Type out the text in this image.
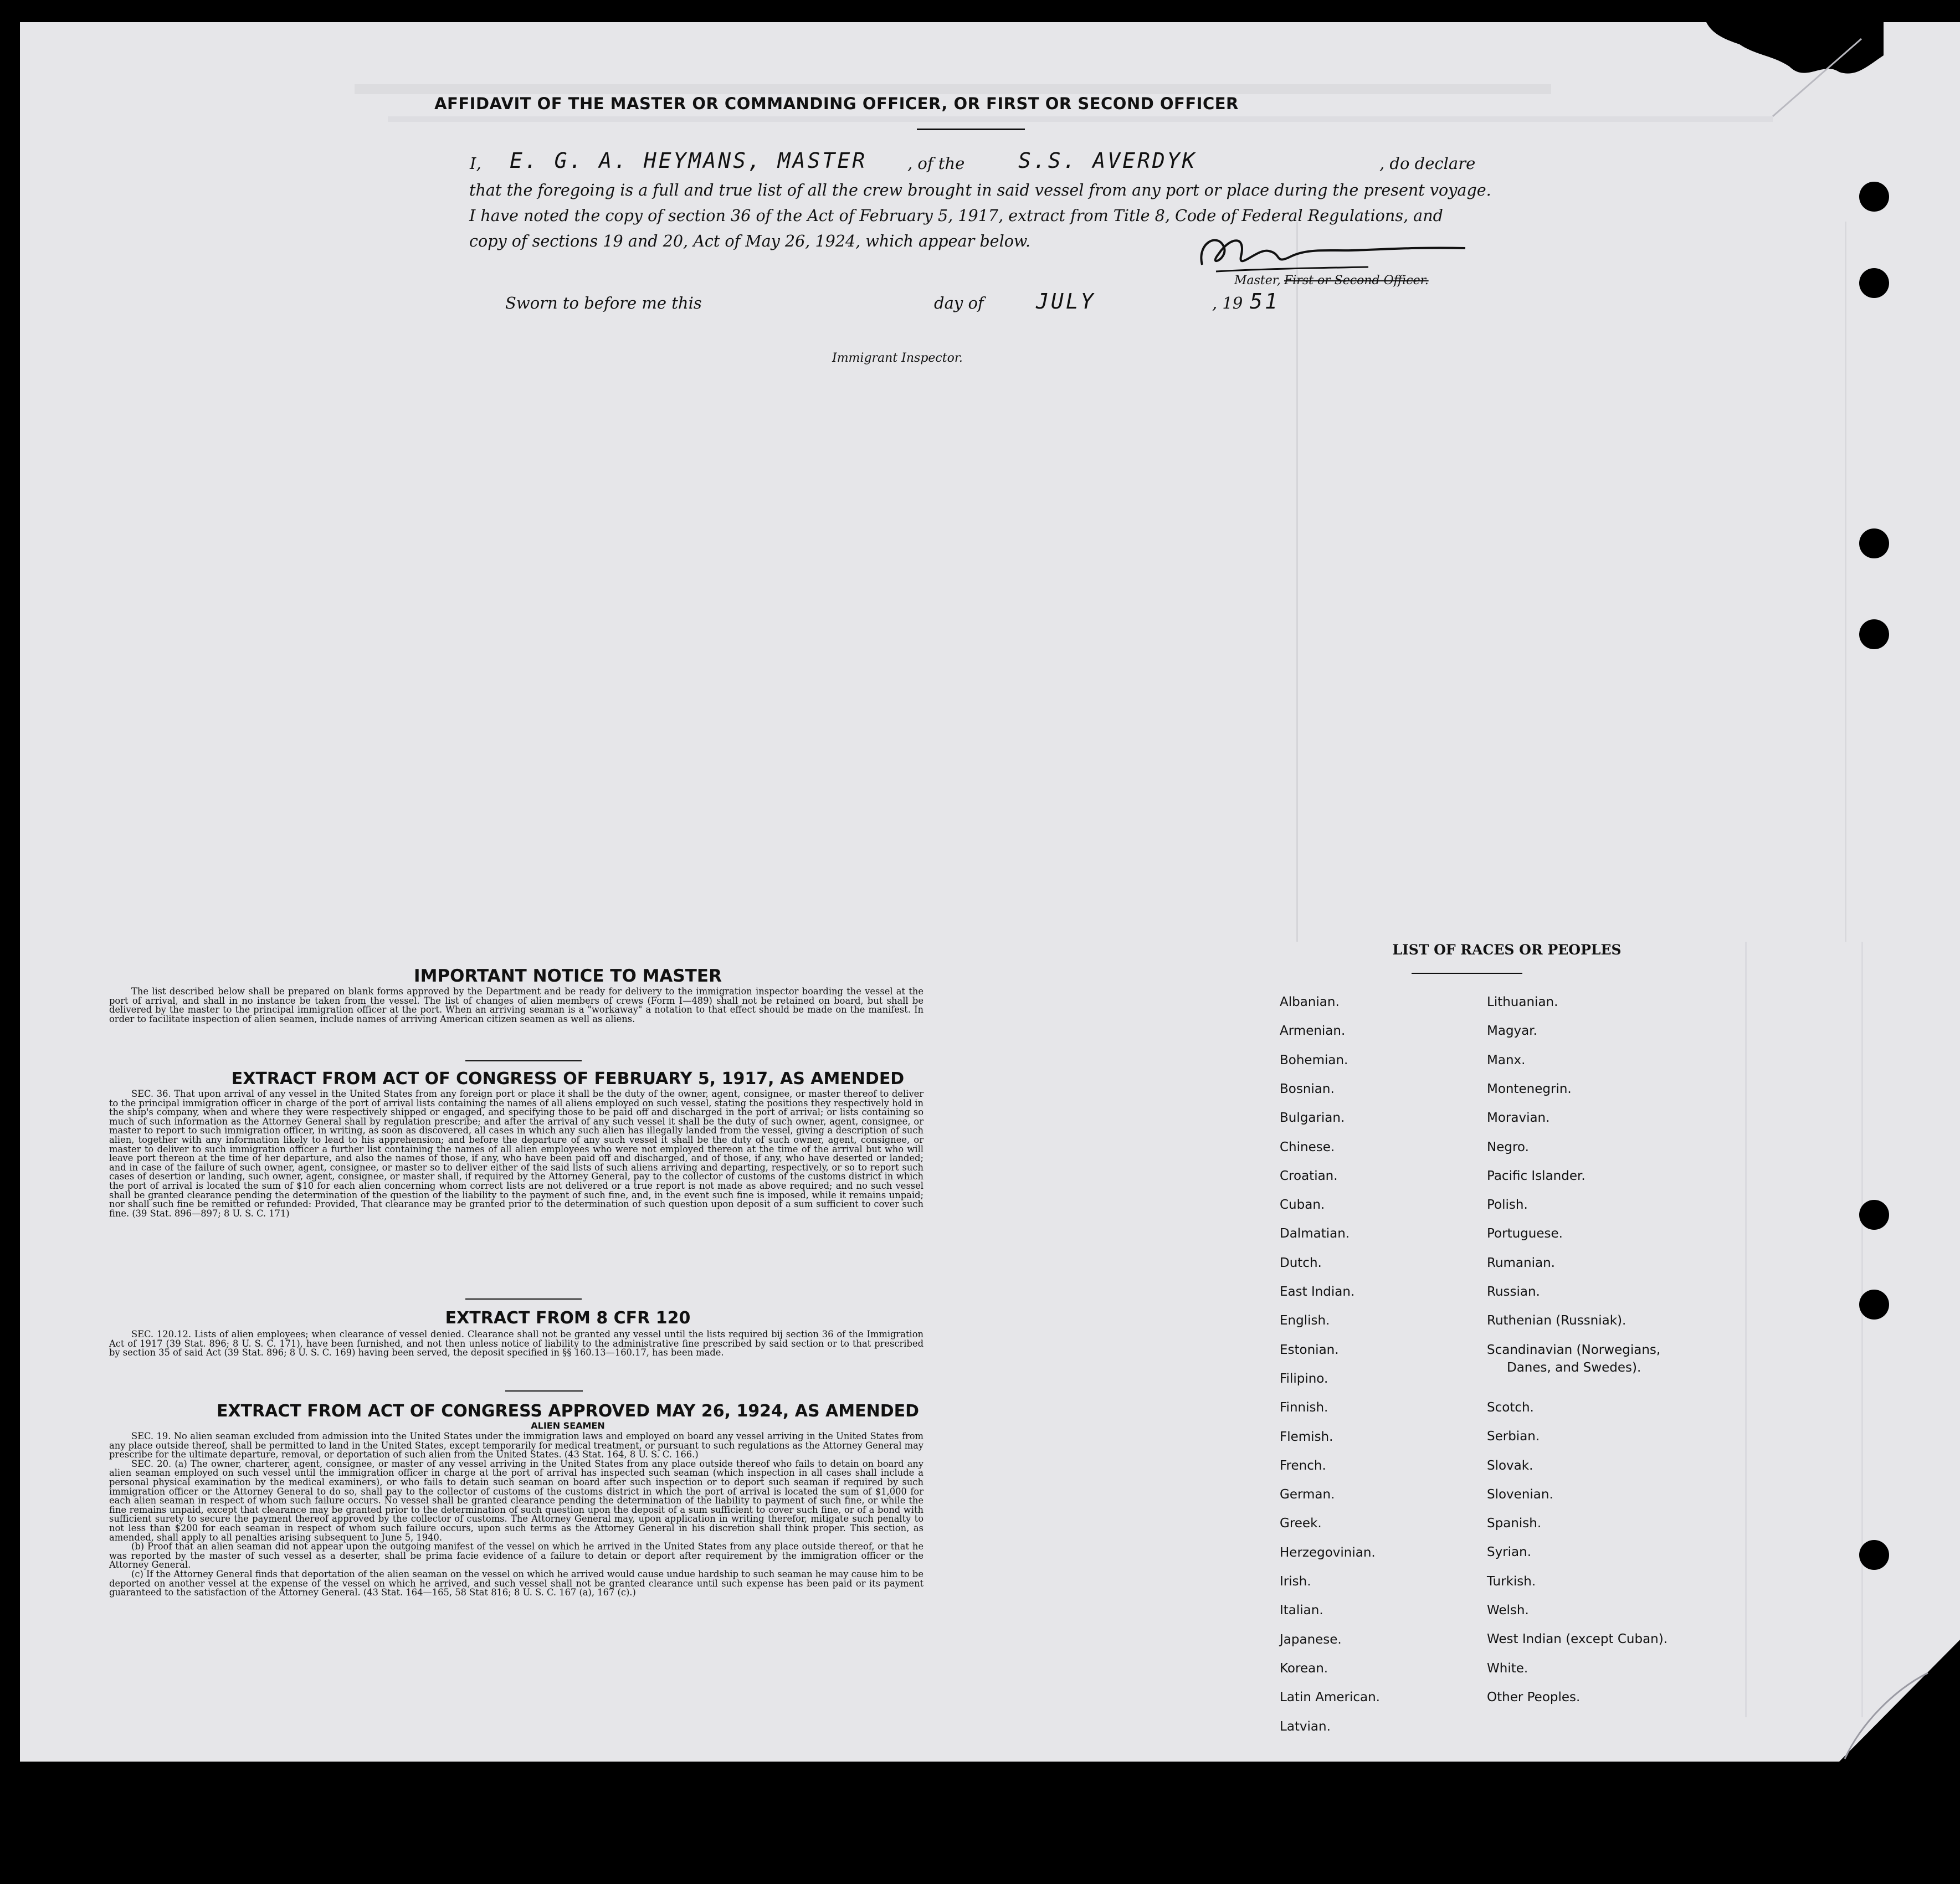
AFFIDAVIT OF THE MASTER OR COMMANDING OFFICER, OR FIRST OR SECOND OFFICER
I, E. G. A. HEYMANS, MASTER	, of the	S.S. AVERDYK	, do declare
that the foregoing is a full and true list of all the crew brought in said vessel from any port or place during the present voyage.
I have noted the copy of section 36 of the Act of February 5, 1917, extract from Title 8, Code of Federal Regulations, and
copy of sections 19 and 20, Act of May 26, 1924, which appear below.
Master, First or Second Officer.
Sworn to before me this	day of JULY	, 19 51
Immigrant Inspector.
IMPORTANT NOTICE TO MASTER

The list described below shall be prepared on blank forms approved by the Department and be ready for delivery to the immigration inspector boarding the vessel at the port of arrival, and shall in no instance be taken from the vessel. The list of changes of alien members of crews (Form I—489) shall not be retained on board, but shall be delivered by the master to the principal immigration officer at the port. When an arriving seaman is a "workaway" a notation to that effect should be made on the manifest. In order to facilitate inspection of alien seamen, include names of arriving American citizen seamen as well as aliens.

EXTRACT FROM ACT OF CONGRESS OF FEBRUARY 5, 1917, AS AMENDED

SEC. 36. That upon arrival of any vessel in the United States from any foreign port or place it shall be the duty of the owner, agent, consignee, or master thereof to deliver to the principal immigration officer in charge of the port of arrival lists containing the names of all aliens employed on such vessel, stating the positions they respectively hold in the ship's company, when and where they were respectively shipped or engaged, and specifying those to be paid off and discharged in the port of arrival; or lists containing so much of such information as the Attorney General shall by regulation prescribe; and after the arrival of any such vessel it shall be the duty of such owner, agent, consignee, or master to report to such immigration officer, in writing, as soon as discovered, all cases in which any such alien has illegally landed from the vessel, giving a description of such alien, together with any information likely to lead to his apprehension; and before the departure of any such vessel it shall be the duty of such owner, agent, consignee, or master to deliver to such immigration officer a further list containing the names of all alien employees who were not employed thereon at the time of the arrival but who will leave port thereon at the time of her departure, and also the names of those, if any, who have been paid off and discharged, and of those, if any, who have deserted or landed; and in case of the failure of such owner, agent, consignee, or master so to deliver either of the said lists of such aliens arriving and departing, respectively, or so to report such cases of desertion or landing, such owner, agent, consignee, or master shall, if required by the Attorney General, pay to the collector of customs of the customs district in which the port of arrival is located the sum of $10 for each alien concerning whom correct lists are not delivered or a true report is not made as above required; and no such vessel shall be granted clearance pending the determination of the question of the liability to the payment of such fine, and, in the event such fine is imposed, while it remains unpaid; nor shall such fine be remitted or refunded: Provided, That clearance may be granted prior to the determination of such question upon deposit of a sum sufficient to cover such fine. (39 Stat. 896—897; 8 U. S. C. 171)

EXTRACT FROM 8 CFR 120

SEC. 120.12. Lists of alien employees; when clearance of vessel denied. Clearance shall not be granted any vessel until the lists required bij section 36 of the Immigration Act of 1917 (39 Stat. 896; 8 U. S. C. 171), have been furnished, and not then unless notice of liability to the administrative fine prescribed by said section or to that prescribed by section 35 of said Act (39 Stat. 896; 8 U. S. C. 169) having been served, the deposit specified in §§ 160.13—160.17, has been made.

EXTRACT FROM ACT OF CONGRESS APPROVED MAY 26, 1924, AS AMENDED
ALIEN SEAMEN

SEC. 19. No alien seaman excluded from admission into the United States under the immigration laws and employed on board any vessel arriving in the United States from any place outside thereof, shall be permitted to land in the United States, except temporarily for medical treatment, or pursuant to such regulations as the Attorney General may prescribe for the ultimate departure, removal, or deportation of such alien from the United States. (43 Stat. 164, 8 U. S. C. 166.)

SEC. 20. (a) The owner, charterer, agent, consignee, or master of any vessel arriving in the United States from any place outside thereof who fails to detain on board any alien seaman employed on such vessel until the immigration officer in charge at the port of arrival has inspected such seaman (which inspection in all cases shall include a personal physical examination by the medical examiners), or who fails to detain such seaman on board after such inspection or to deport such seaman if required by such immigration officer or the Attorney General to do so, shall pay to the collector of customs of the customs district in which the port of arrival is located the sum of $1,000 for each alien seaman in respect of whom such failure occurs. No vessel shall be granted clearance pending the determination of the liability to payment of such fine, or while the fine remains unpaid, except that clearance may be granted prior to the determination of such question upon the deposit of a sum sufficient to cover such fine, or of a bond with sufficient surety to secure the payment thereof approved by the collector of customs. The Attorney General may, upon application in writing therefor, mitigate such penalty to not less than $200 for each seaman in respect of whom such failure occurs, upon such terms as the Attorney General in his discretion shall think proper. This section, as amended, shall apply to all penalties arising subsequent to June 5, 1940.

(b) Proof that an alien seaman did not appear upon the outgoing manifest of the vessel on which he arrived in the United States from any place outside thereof, or that he was reported by the master of such vessel as a deserter, shall be prima facie evidence of a failure to detain or deport after requirement by the immigration officer or the Attorney General.

(c) If the Attorney General finds that deportation of the alien seaman on the vessel on which he arrived would cause undue hardship to such seaman he may cause him to be deported on another vessel at the expense of the vessel on which he arrived, and such vessel shall not be granted clearance until such expense has been paid or its payment guaranteed to the satisfaction of the Attorney General. (43 Stat. 164—165, 58 Stat 816; 8 U. S. C. 167 (a), 167 (c).)

LIST OF RACES OR PEOPLES
Albanian.
Armenian.
Bohemian.
Bosnian.
Bulgarian.
Chinese.
Croatian.
Cuban.
Dalmatian.
Dutch.
East Indian.
English.
Estonian.
Filipino.
Finnish.
Flemish.
French.
German.
Greek.
Herzegovinian.
Irish.
Italian.
Japanese.
Korean.
Latin American.
Latvian.
Lithuanian.
Magyar.
Manx.
Montenegrin.
Moravian.
Negro.
Pacific Islander.
Polish.
Portuguese.
Rumanian.
Russian.
Ruthenian (Russniak).
Scandinavian (Norwegians,
Danes, and Swedes).
Scotch.
Serbian.
Slovak.
Slovenian.
Spanish.
Syrian.
Turkish.
Welsh.
West Indian (except Cuban).
White.
Other Peoples.
